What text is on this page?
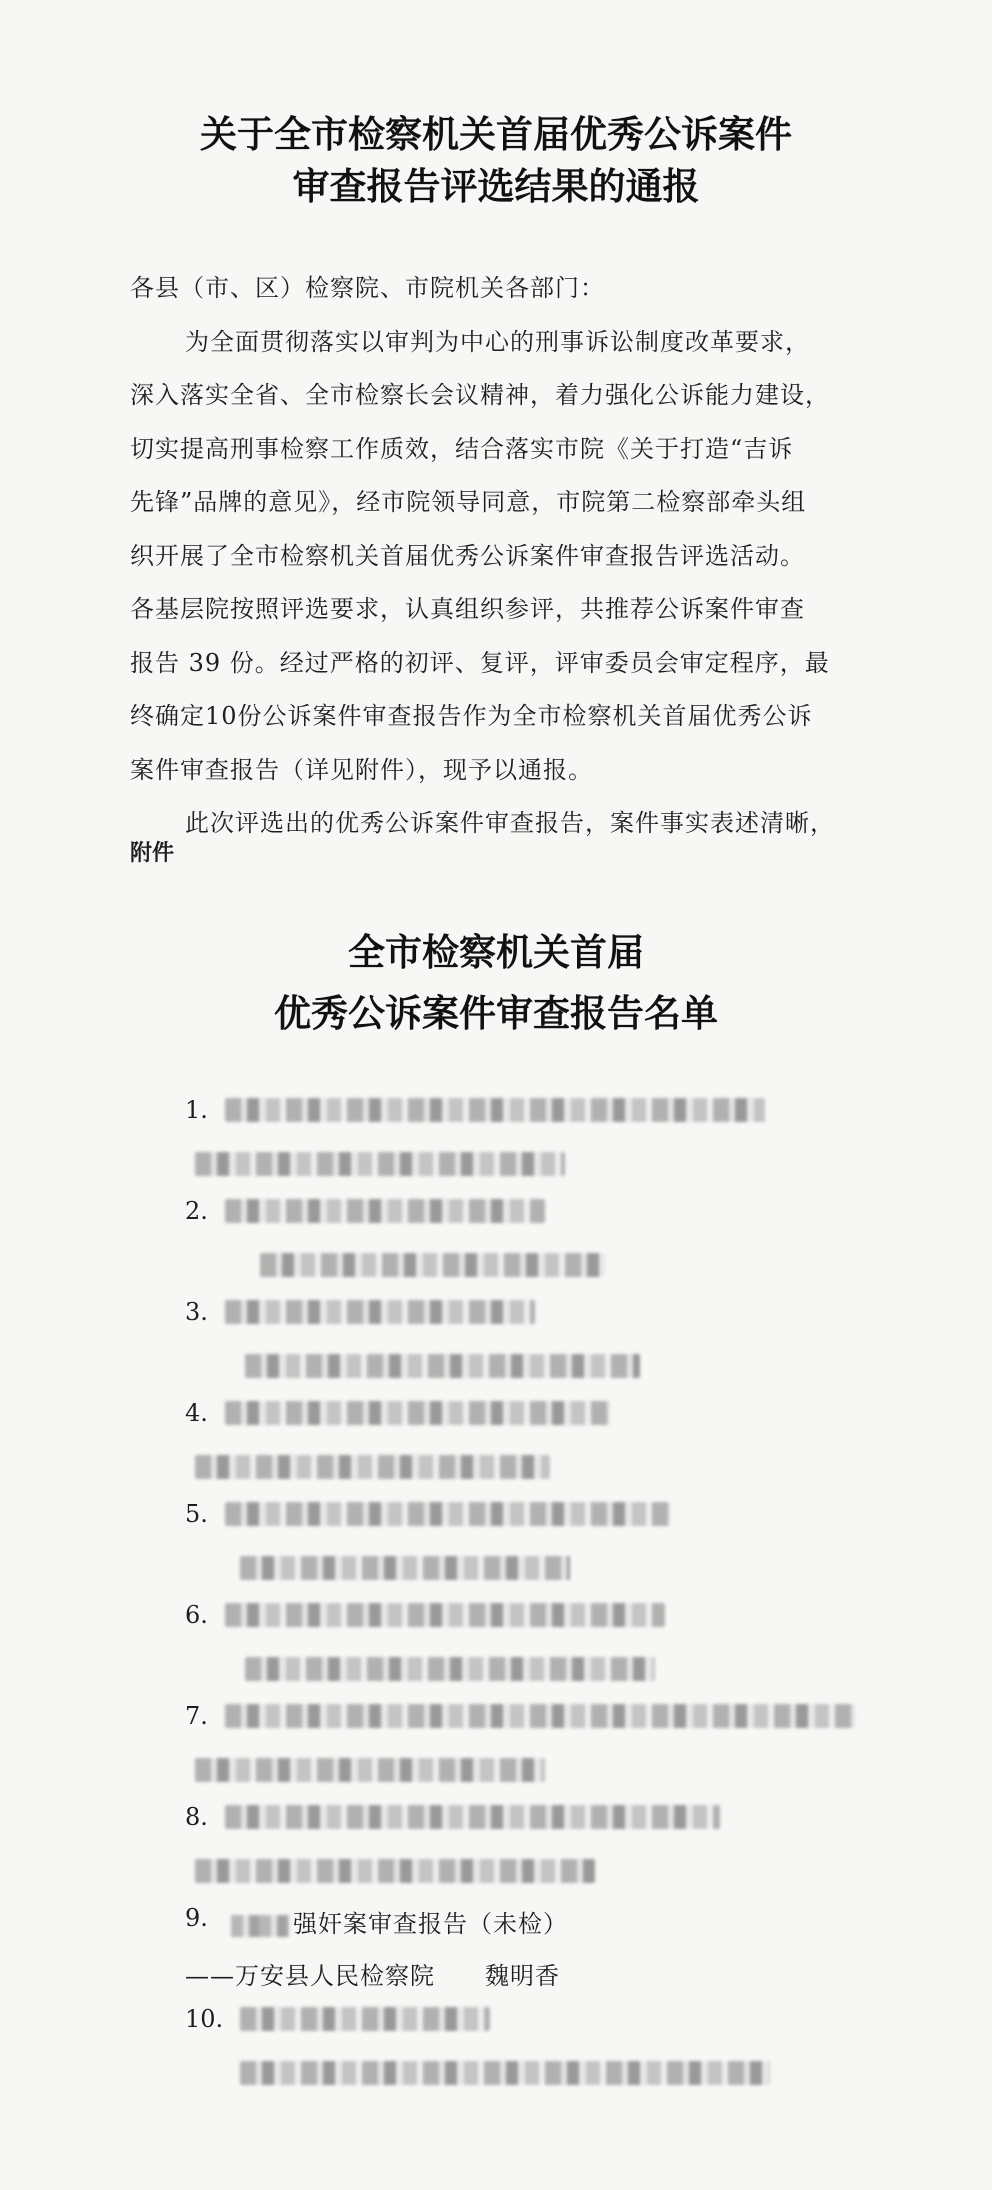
关于全市检察机关首届优秀公诉案件
审查报告评选结果的通报

各县（市、区）检察院、市院机关各部门：

为全面贯彻落实以审判为中心的刑事诉讼制度改革要求，

深入落实全省、全市检察长会议精神，着力强化公诉能力建设，

切实提高刑事检察工作质效，结合落实市院《关于打造“吉诉

先锋”品牌的意见》，经市院领导同意，市院第二检察部牵头组

织开展了全市检察机关首届优秀公诉案件审查报告评选活动。

各基层院按照评选要求，认真组织参评，共推荐公诉案件审查

报告 39 份。经过严格的初评、复评，评审委员会审定程序，最

终确定10份公诉案件审查报告作为全市检察机关首届优秀公诉

案件审查报告（详见附件），现予以通报。

此次评选出的优秀公诉案件审查报告，案件事实表述清晰，

附件
全市检察机关首届
优秀公诉案件审查报告名单
1.
2.
3.
4.
5.
6.
7.
8.
9.	强奸案审查报告（未检）
——万安县人民检察院　　魏明香
10.
